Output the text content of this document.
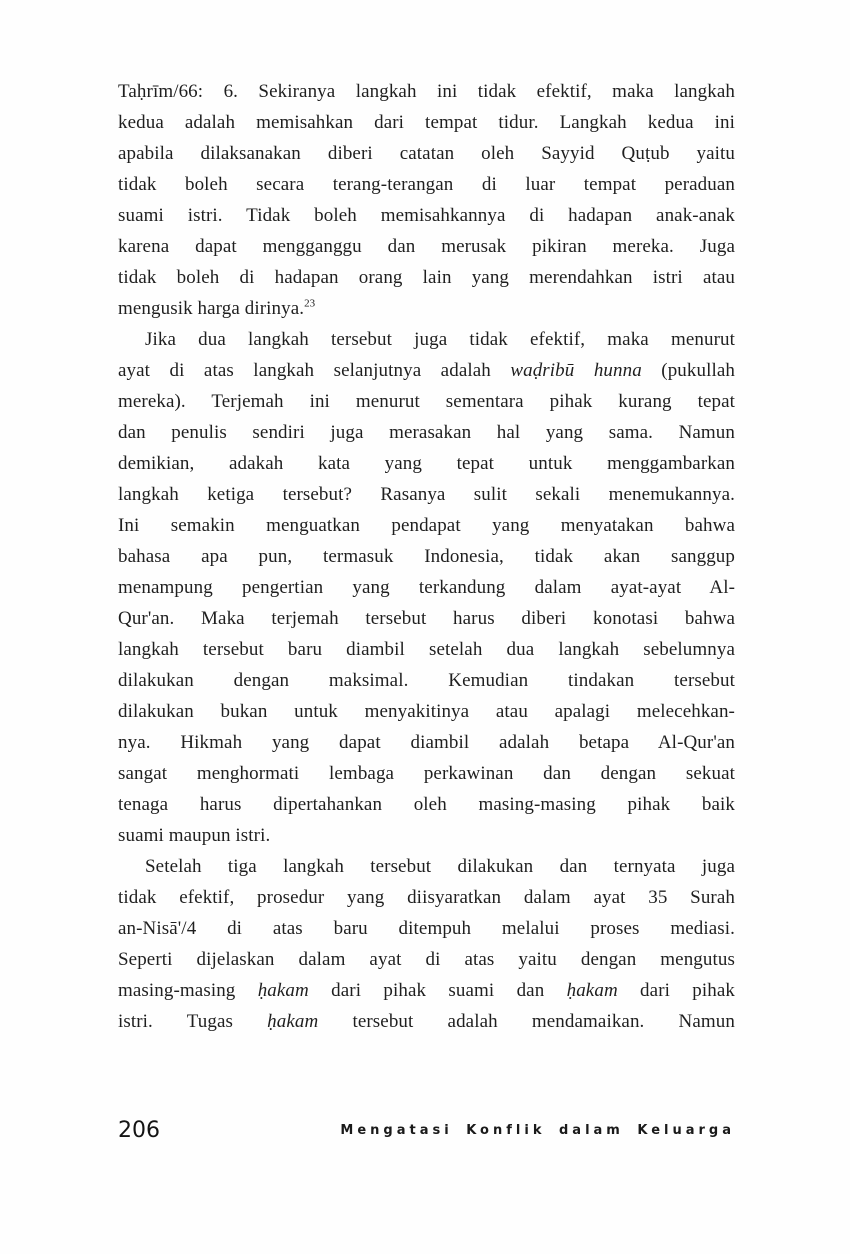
Taḥrīm/66: 6. Sekiranya langkah ini tidak efektif, maka langkah
kedua adalah memisahkan dari tempat tidur. Langkah kedua ini
apabila dilaksanakan diberi catatan oleh Sayyid Quṭub yaitu
tidak boleh secara terang-terangan di luar tempat peraduan
suami istri. Tidak boleh memisahkannya di hadapan anak-anak
karena dapat mengganggu dan merusak pikiran mereka. Juga
tidak boleh di hadapan orang lain yang merendahkan istri atau
mengusik harga dirinya.$^{23}$
Jika dua langkah tersebut juga tidak efektif, maka menurut
ayat di atas langkah selanjutnya adalah waḍribū hunna (pukullah
mereka). Terjemah ini menurut sementara pihak kurang tepat
dan penulis sendiri juga merasakan hal yang sama. Namun
demikian, adakah kata yang tepat untuk menggambarkan
langkah ketiga tersebut? Rasanya sulit sekali menemukannya.
Ini semakin menguatkan pendapat yang menyatakan bahwa
bahasa apa pun, termasuk Indonesia, tidak akan sanggup
menampung pengertian yang terkandung dalam ayat-ayat Al-
Qur'an. Maka terjemah tersebut harus diberi konotasi bahwa
langkah tersebut baru diambil setelah dua langkah sebelumnya
dilakukan dengan maksimal. Kemudian tindakan tersebut
dilakukan bukan untuk menyakitinya atau apalagi melecehkan-
nya. Hikmah yang dapat diambil adalah betapa Al-Qur'an
sangat menghormati lembaga perkawinan dan dengan sekuat
tenaga harus dipertahankan oleh masing-masing pihak baik
suami maupun istri.
Setelah tiga langkah tersebut dilakukan dan ternyata juga
tidak efektif, prosedur yang diisyaratkan dalam ayat 35 Surah
an-Nisā'/4 di atas baru ditempuh melalui proses mediasi.
Seperti dijelaskan dalam ayat di atas yaitu dengan mengutus
masing-masing ḥakam dari pihak suami dan ḥakam dari pihak
istri. Tugas ḥakam tersebut adalah mendamaikan. Namun
206	Mengatasi Konflik dalam Keluarga
